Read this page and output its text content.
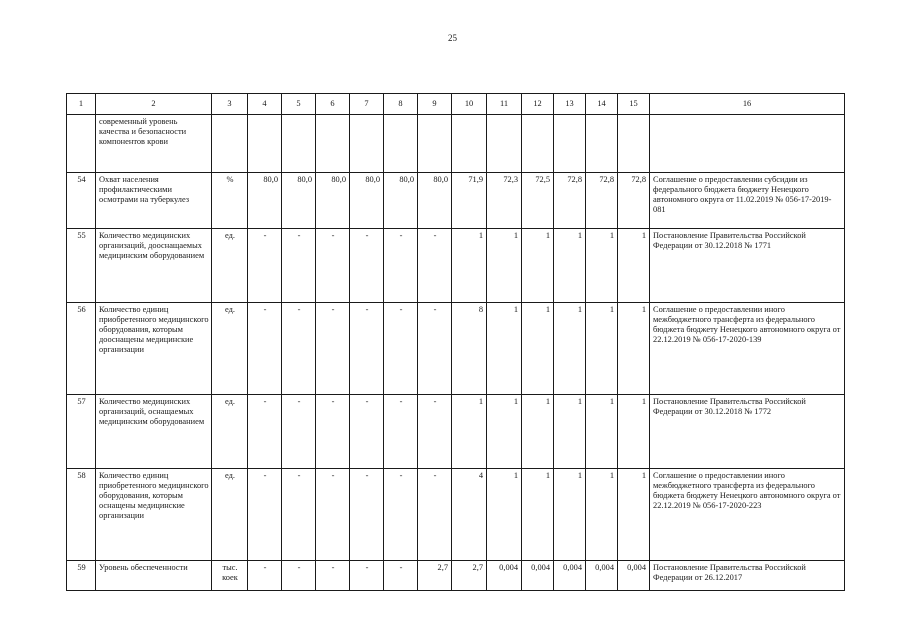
25
1	2	3	4	5	6	7	8	9	10	11	12	13	14	15	16
	современный уровень качества и безопасности компонентов крови														
54	Охват населения профилактическими осмотрами на туберкулез	%	80,0	80,0	80,0	80,0	80,0	80,0	71,9	72,3	72,5	72,8	72,8	72,8	Соглашение о предоставлении субсидии из федерального бюджета бюджету Ненецкого автономного округа от 11.02.2019 № 056-17-2019-081
55	Количество медицинских организаций, дооснащаемых медицинским оборудованием	ед.	-	-	-	-	-	-	1	1	1	1	1	1	Постановление Правительства Российской Федерации от 30.12.2018 № 1771
56	Количество единиц приобретенного медицинского оборудования, которым дооснащены медицинские организации	ед.	-	-	-	-	-	-	8	1	1	1	1	1	Соглашение о предоставлении иного межбюджетного трансферта из федерального бюджета бюджету Ненецкого автономного округа от 22.12.2019 № 056-17-2020-139
57	Количество медицинских организаций, оснащаемых медицинским оборудованием	ед.	-	-	-	-	-	-	1	1	1	1	1	1	Постановление Правительства Российской Федерации от 30.12.2018 № 1772
58	Количество единиц приобретенного медицинского оборудования, которым оснащены медицинские организации	ед.	-	-	-	-	-	-	4	1	1	1	1	1	Соглашение о предоставлении иного межбюджетного трансферта из федерального бюджета бюджету Ненецкого автономного округа от 22.12.2019 № 056-17-2020-223
59	Уровень обеспеченности	тыс. коек	-	-	-	-	-	2,7	2,7	0,004	0,004	0,004	0,004	0,004	Постановление Правительства Российской Федерации от 26.12.2017
